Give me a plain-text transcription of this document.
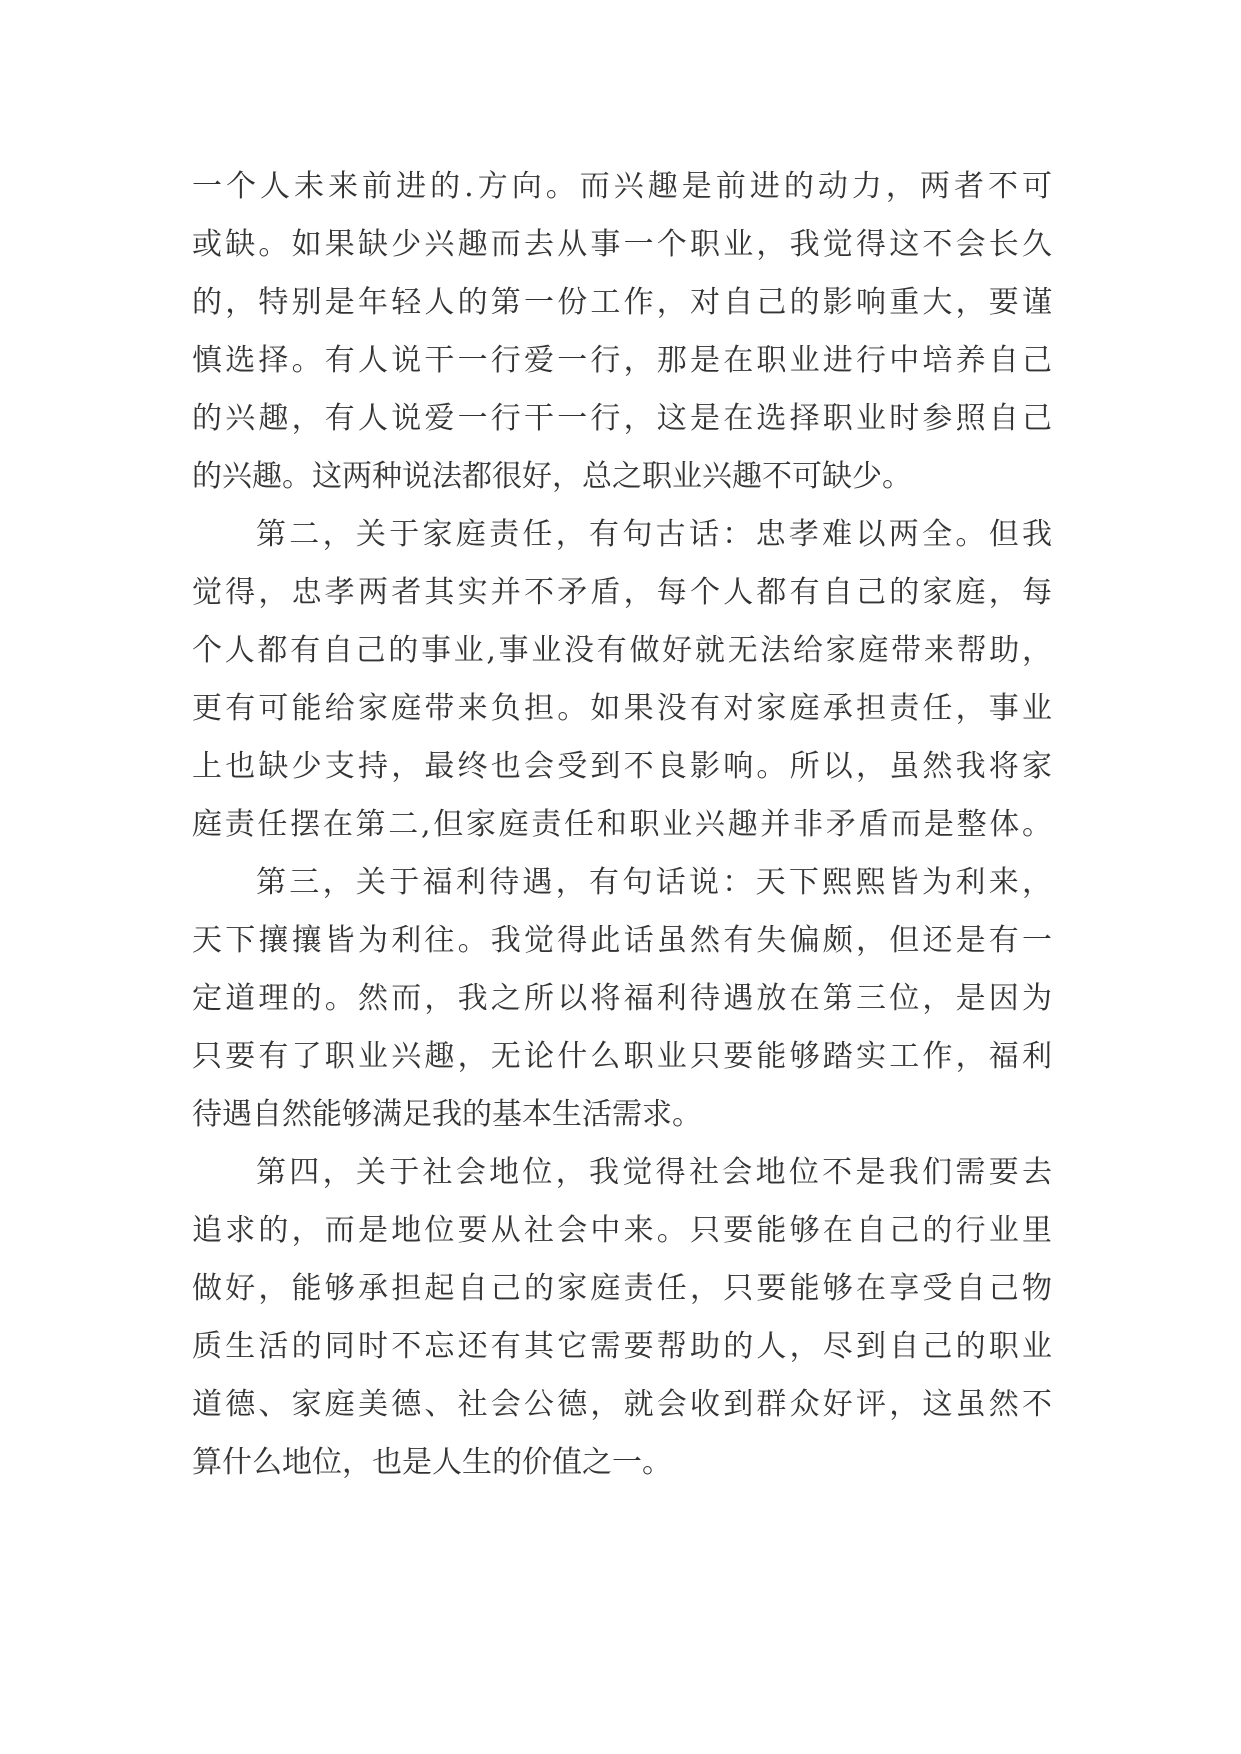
一个人未来前进的.方向。而兴趣是前进的动力，两者不可
或缺。如果缺少兴趣而去从事一个职业，我觉得这不会长久
的，特别是年轻人的第一份工作，对自己的影响重大，要谨
慎选择。有人说干一行爱一行，那是在职业进行中培养自己
的兴趣，有人说爱一行干一行，这是在选择职业时参照自己
的兴趣。这两种说法都很好，总之职业兴趣不可缺少。
第二，关于家庭责任，有句古话：忠孝难以两全。但我
觉得，忠孝两者其实并不矛盾，每个人都有自己的家庭，每
个人都有自己的事业,事业没有做好就无法给家庭带来帮助，
更有可能给家庭带来负担。如果没有对家庭承担责任，事业
上也缺少支持，最终也会受到不良影响。所以，虽然我将家
庭责任摆在第二,但家庭责任和职业兴趣并非矛盾而是整体。
第三，关于福利待遇，有句话说：天下熙熙皆为利来，
天下攘攘皆为利往。我觉得此话虽然有失偏颇，但还是有一
定道理的。然而，我之所以将福利待遇放在第三位，是因为
只要有了职业兴趣，无论什么职业只要能够踏实工作，福利
待遇自然能够满足我的基本生活需求。
第四，关于社会地位，我觉得社会地位不是我们需要去
追求的，而是地位要从社会中来。只要能够在自己的行业里
做好，能够承担起自己的家庭责任，只要能够在享受自己物
质生活的同时不忘还有其它需要帮助的人，尽到自己的职业
道德、家庭美德、社会公德，就会收到群众好评，这虽然不
算什么地位，也是人生的价值之一。
